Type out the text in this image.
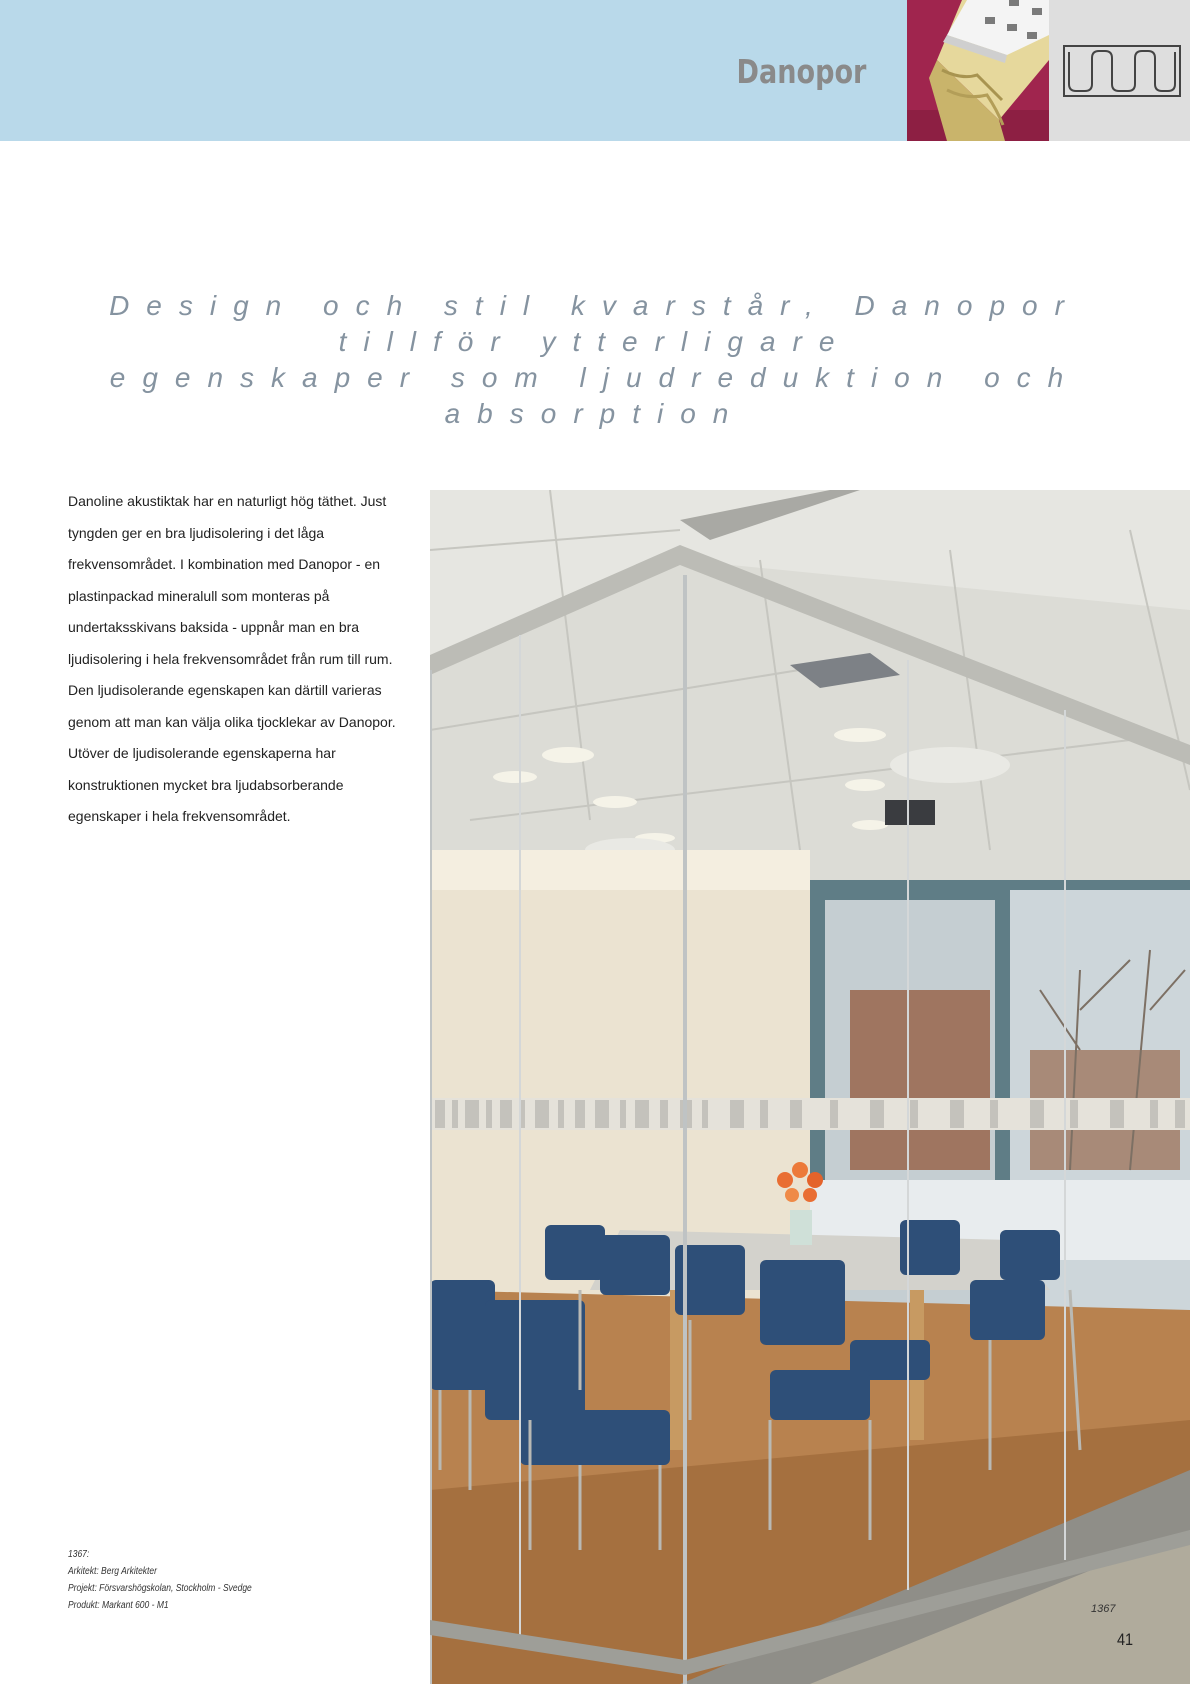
Danopor
Design och stil kvarstår, Danopor tillför ytterligare
egenskaper som ljudreduktion och absorption

Danoline akustiktak har en naturligt hög täthet. Just tyngden ger en bra ljudisolering i det låga frekvensområdet. I kombination med Danopor - en plastinpackad mineralull som monteras på undertaksskivans baksida - uppnår man en bra ljudisolering i hela frekvensområdet från rum till rum.

Den ljudisolerande egenskapen kan därtill varieras genom att man kan välja olika tjocklekar av Danopor.

Utöver de ljudisolerande egenskaperna har konstruktionen mycket bra ljudabsorberande egenskaper i hela frekvensområdet.

1367:
Arkitekt: Berg Arkitekter
Projekt: Försvarshögskolan, Stockholm - Svedge
Produkt: Markant 600 - M1	1367
41
